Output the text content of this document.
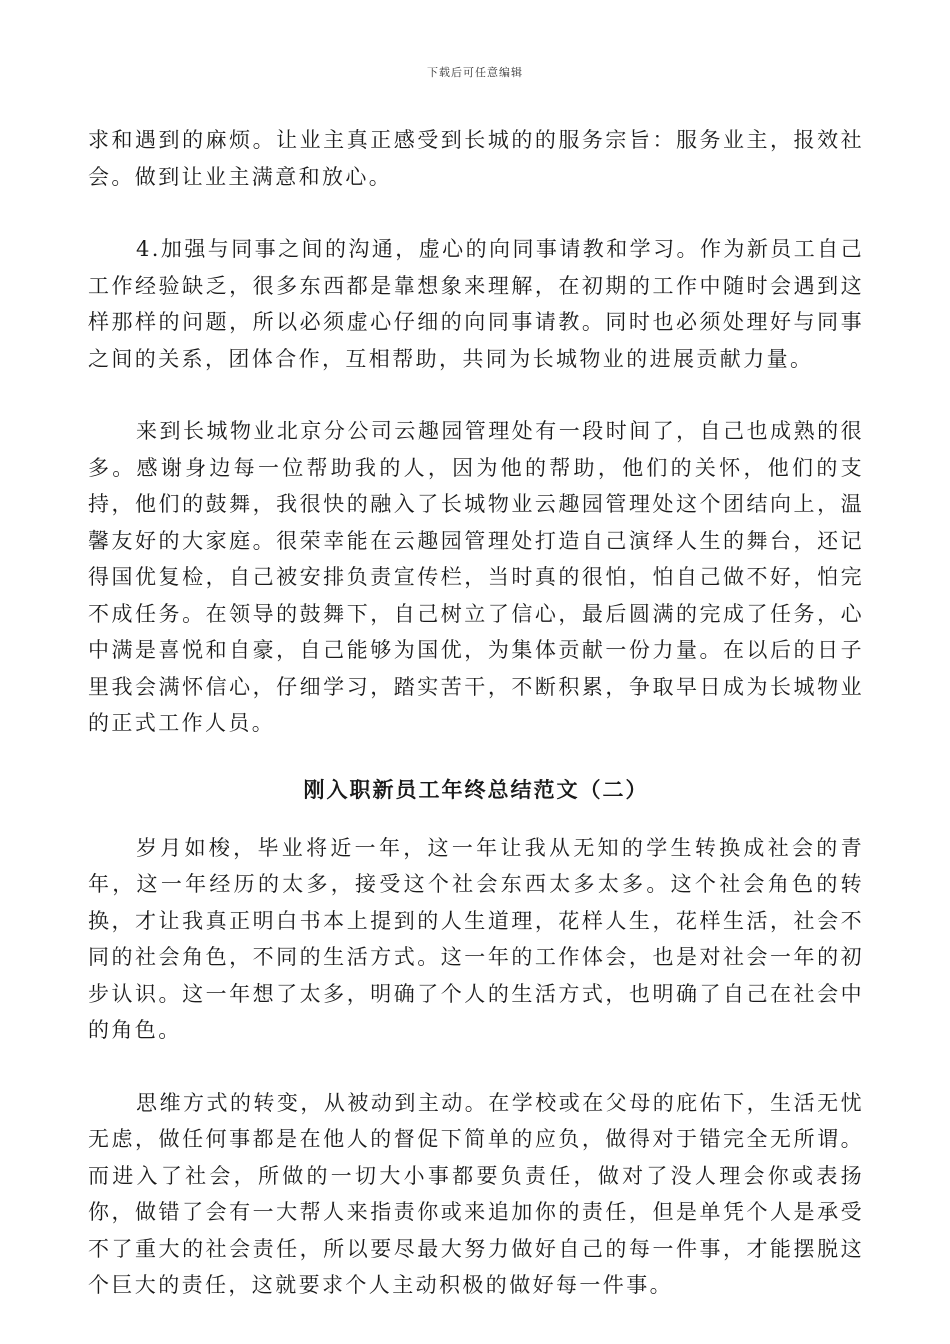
下载后可任意编辑

求和遇到的麻烦。让业主真正感受到长城的的服务宗旨：服务业主，报效社会。做到让业主满意和放心。

4.加强与同事之间的沟通，虚心的向同事请教和学习。作为新员工自己工作经验缺乏，很多东西都是靠想象来理解，在初期的工作中随时会遇到这样那样的问题，所以必须虚心仔细的向同事请教。同时也必须处理好与同事之间的关系，团体合作，互相帮助，共同为长城物业的进展贡献力量。

来到长城物业北京分公司云趣园管理处有一段时间了，自己也成熟的很多。感谢身边每一位帮助我的人，因为他的帮助，他们的关怀，他们的支持，他们的鼓舞，我很快的融入了长城物业云趣园管理处这个团结向上，温馨友好的大家庭。很荣幸能在云趣园管理处打造自己演绎人生的舞台，还记得国优复检，自己被安排负责宣传栏，当时真的很怕，怕自己做不好，怕完不成任务。在领导的鼓舞下，自己树立了信心，最后圆满的完成了任务，心中满是喜悦和自豪，自己能够为国优，为集体贡献一份力量。在以后的日子里我会满怀信心，仔细学习，踏实苦干，不断积累，争取早日成为长城物业的正式工作人员。

刚入职新员工年终总结范文（二）

岁月如梭，毕业将近一年，这一年让我从无知的学生转换成社会的青年，这一年经历的太多，接受这个社会东西太多太多。这个社会角色的转换，才让我真正明白书本上提到的人生道理，花样人生，花样生活，社会不同的社会角色，不同的生活方式。这一年的工作体会，也是对社会一年的初步认识。这一年想了太多，明确了个人的生活方式，也明确了自己在社会中的角色。

思维方式的转变，从被动到主动。在学校或在父母的庇佑下，生活无忧无虑，做任何事都是在他人的督促下简单的应负，做得对于错完全无所谓。而进入了社会，所做的一切大小事都要负责任，做对了没人理会你或表扬你，做错了会有一大帮人来指责你或来追加你的责任，但是单凭个人是承受不了重大的社会责任，所以要尽最大努力做好自己的每一件事，才能摆脱这个巨大的责任，这就要求个人主动积极的做好每一件事。
